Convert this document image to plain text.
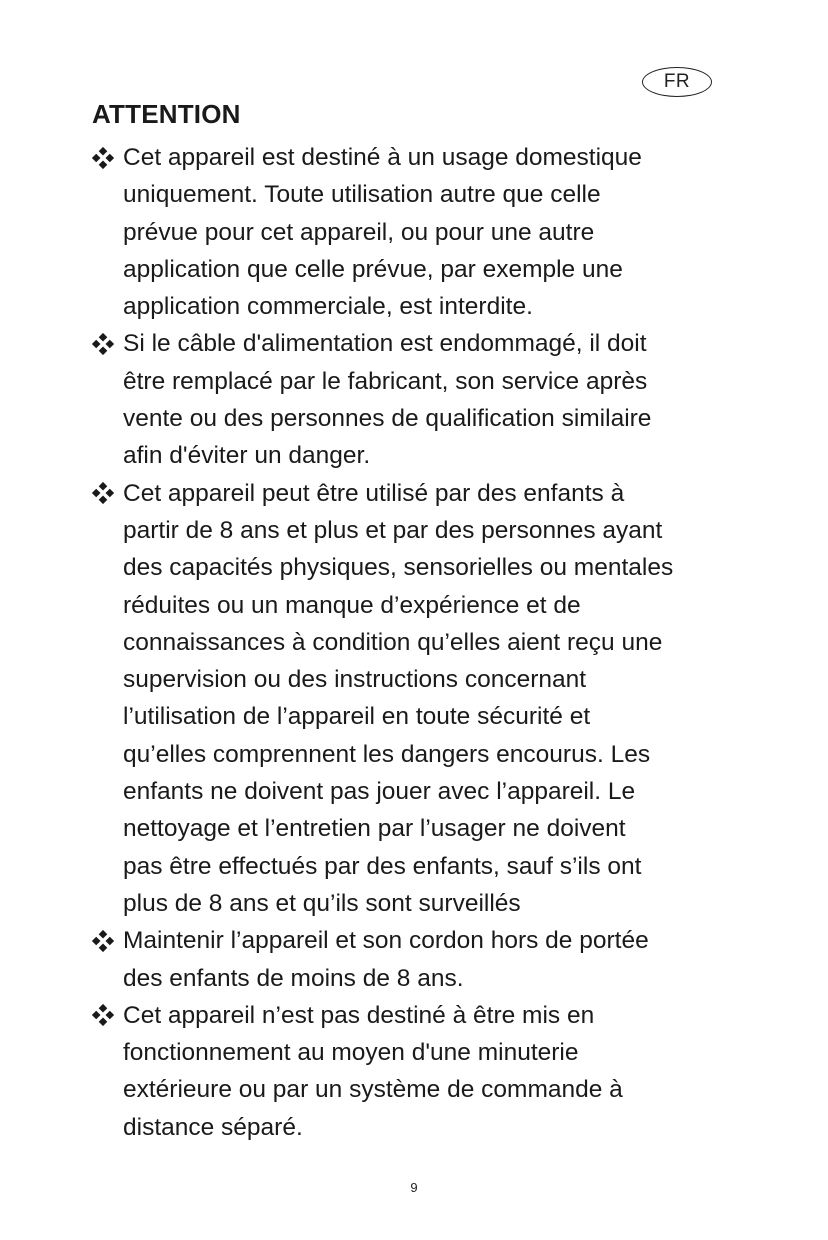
FR
ATTENTION
Cet appareil est destiné à un usage domestique
uniquement. Toute utilisation autre que celle
prévue pour cet appareil, ou pour une autre
application que celle prévue, par exemple une
application commerciale, est interdite.
Si le câble d'alimentation est endommagé, il doit
être remplacé par le fabricant, son service après
vente ou des personnes de qualification similaire
afin d'éviter un danger.
Cet appareil peut être utilisé par des enfants à
partir de 8 ans et plus et par des personnes ayant
des capacités physiques, sensorielles ou mentales
réduites ou un manque d’expérience et de
connaissances à condition qu’elles aient reçu une
supervision ou des instructions concernant
l’utilisation de l’appareil en toute sécurité et
qu’elles comprennent les dangers encourus. Les
enfants ne doivent pas jouer avec l’appareil. Le
nettoyage et l’entretien par l’usager ne doivent
pas être effectués par des enfants, sauf s’ils ont
plus de 8 ans et qu’ils sont surveillés
Maintenir l’appareil et son cordon hors de portée
des enfants de moins de 8 ans.
Cet appareil n’est pas destiné à être mis en
fonctionnement au moyen d'une minuterie
extérieure ou par un système de commande à
distance séparé.
9
